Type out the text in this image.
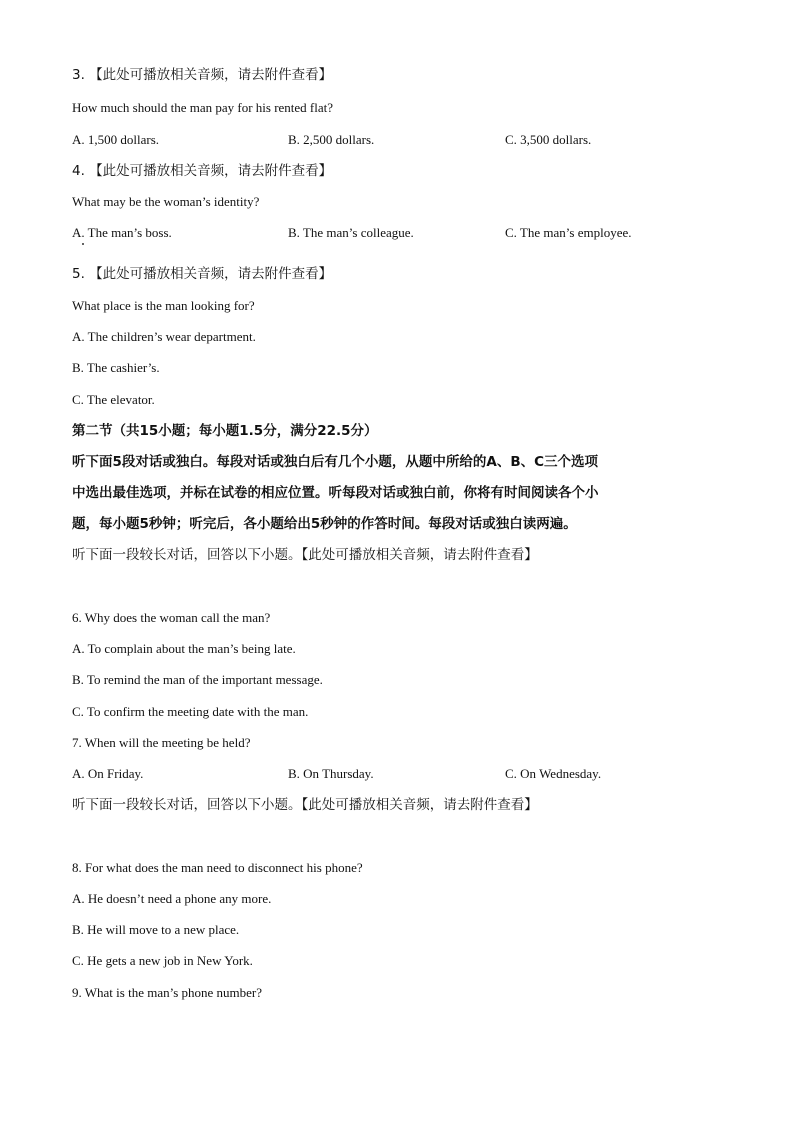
3. 【此处可播放相关音频，请去附件查看】
How much should the man pay for his rented flat?
A. 1,500 dollars.	B. 2,500 dollars.	C. 3,500 dollars.
4. 【此处可播放相关音频，请去附件查看】
What may be the woman’s identity?
A. The man’s boss.	B. The man’s colleague.	C. The man’s employee.
5. 【此处可播放相关音频，请去附件查看】
What place is the man looking for?
A. The children’s wear department.
B. The cashier’s.
C. The elevator.
第二节（共15小题；每小题1.5分，满分22.5分）
听下面5段对话或独白。每段对话或独白后有几个小题，从题中所给的A、B、C三个选项
中选出最佳选项，并标在试卷的相应位置。听每段对话或独白前，你将有时间阅读各个小
题，每小题5秒钟；听完后，各小题给出5秒钟的作答时间。每段对话或独白读两遍。
听下面一段较长对话，回答以下小题。【此处可播放相关音频，请去附件查看】
6. Why does the woman call the man?
A. To complain about the man’s being late.
B. To remind the man of the important message.
C. To confirm the meeting date with the man.
7. When will the meeting be held?
A. On Friday.	B. On Thursday.	C. On Wednesday.
听下面一段较长对话，回答以下小题。【此处可播放相关音频，请去附件查看】
8. For what does the man need to disconnect his phone?
A. He doesn’t need a phone any more.
B. He will move to a new place.
C. He gets a new job in New York.
9. What is the man’s phone number?
